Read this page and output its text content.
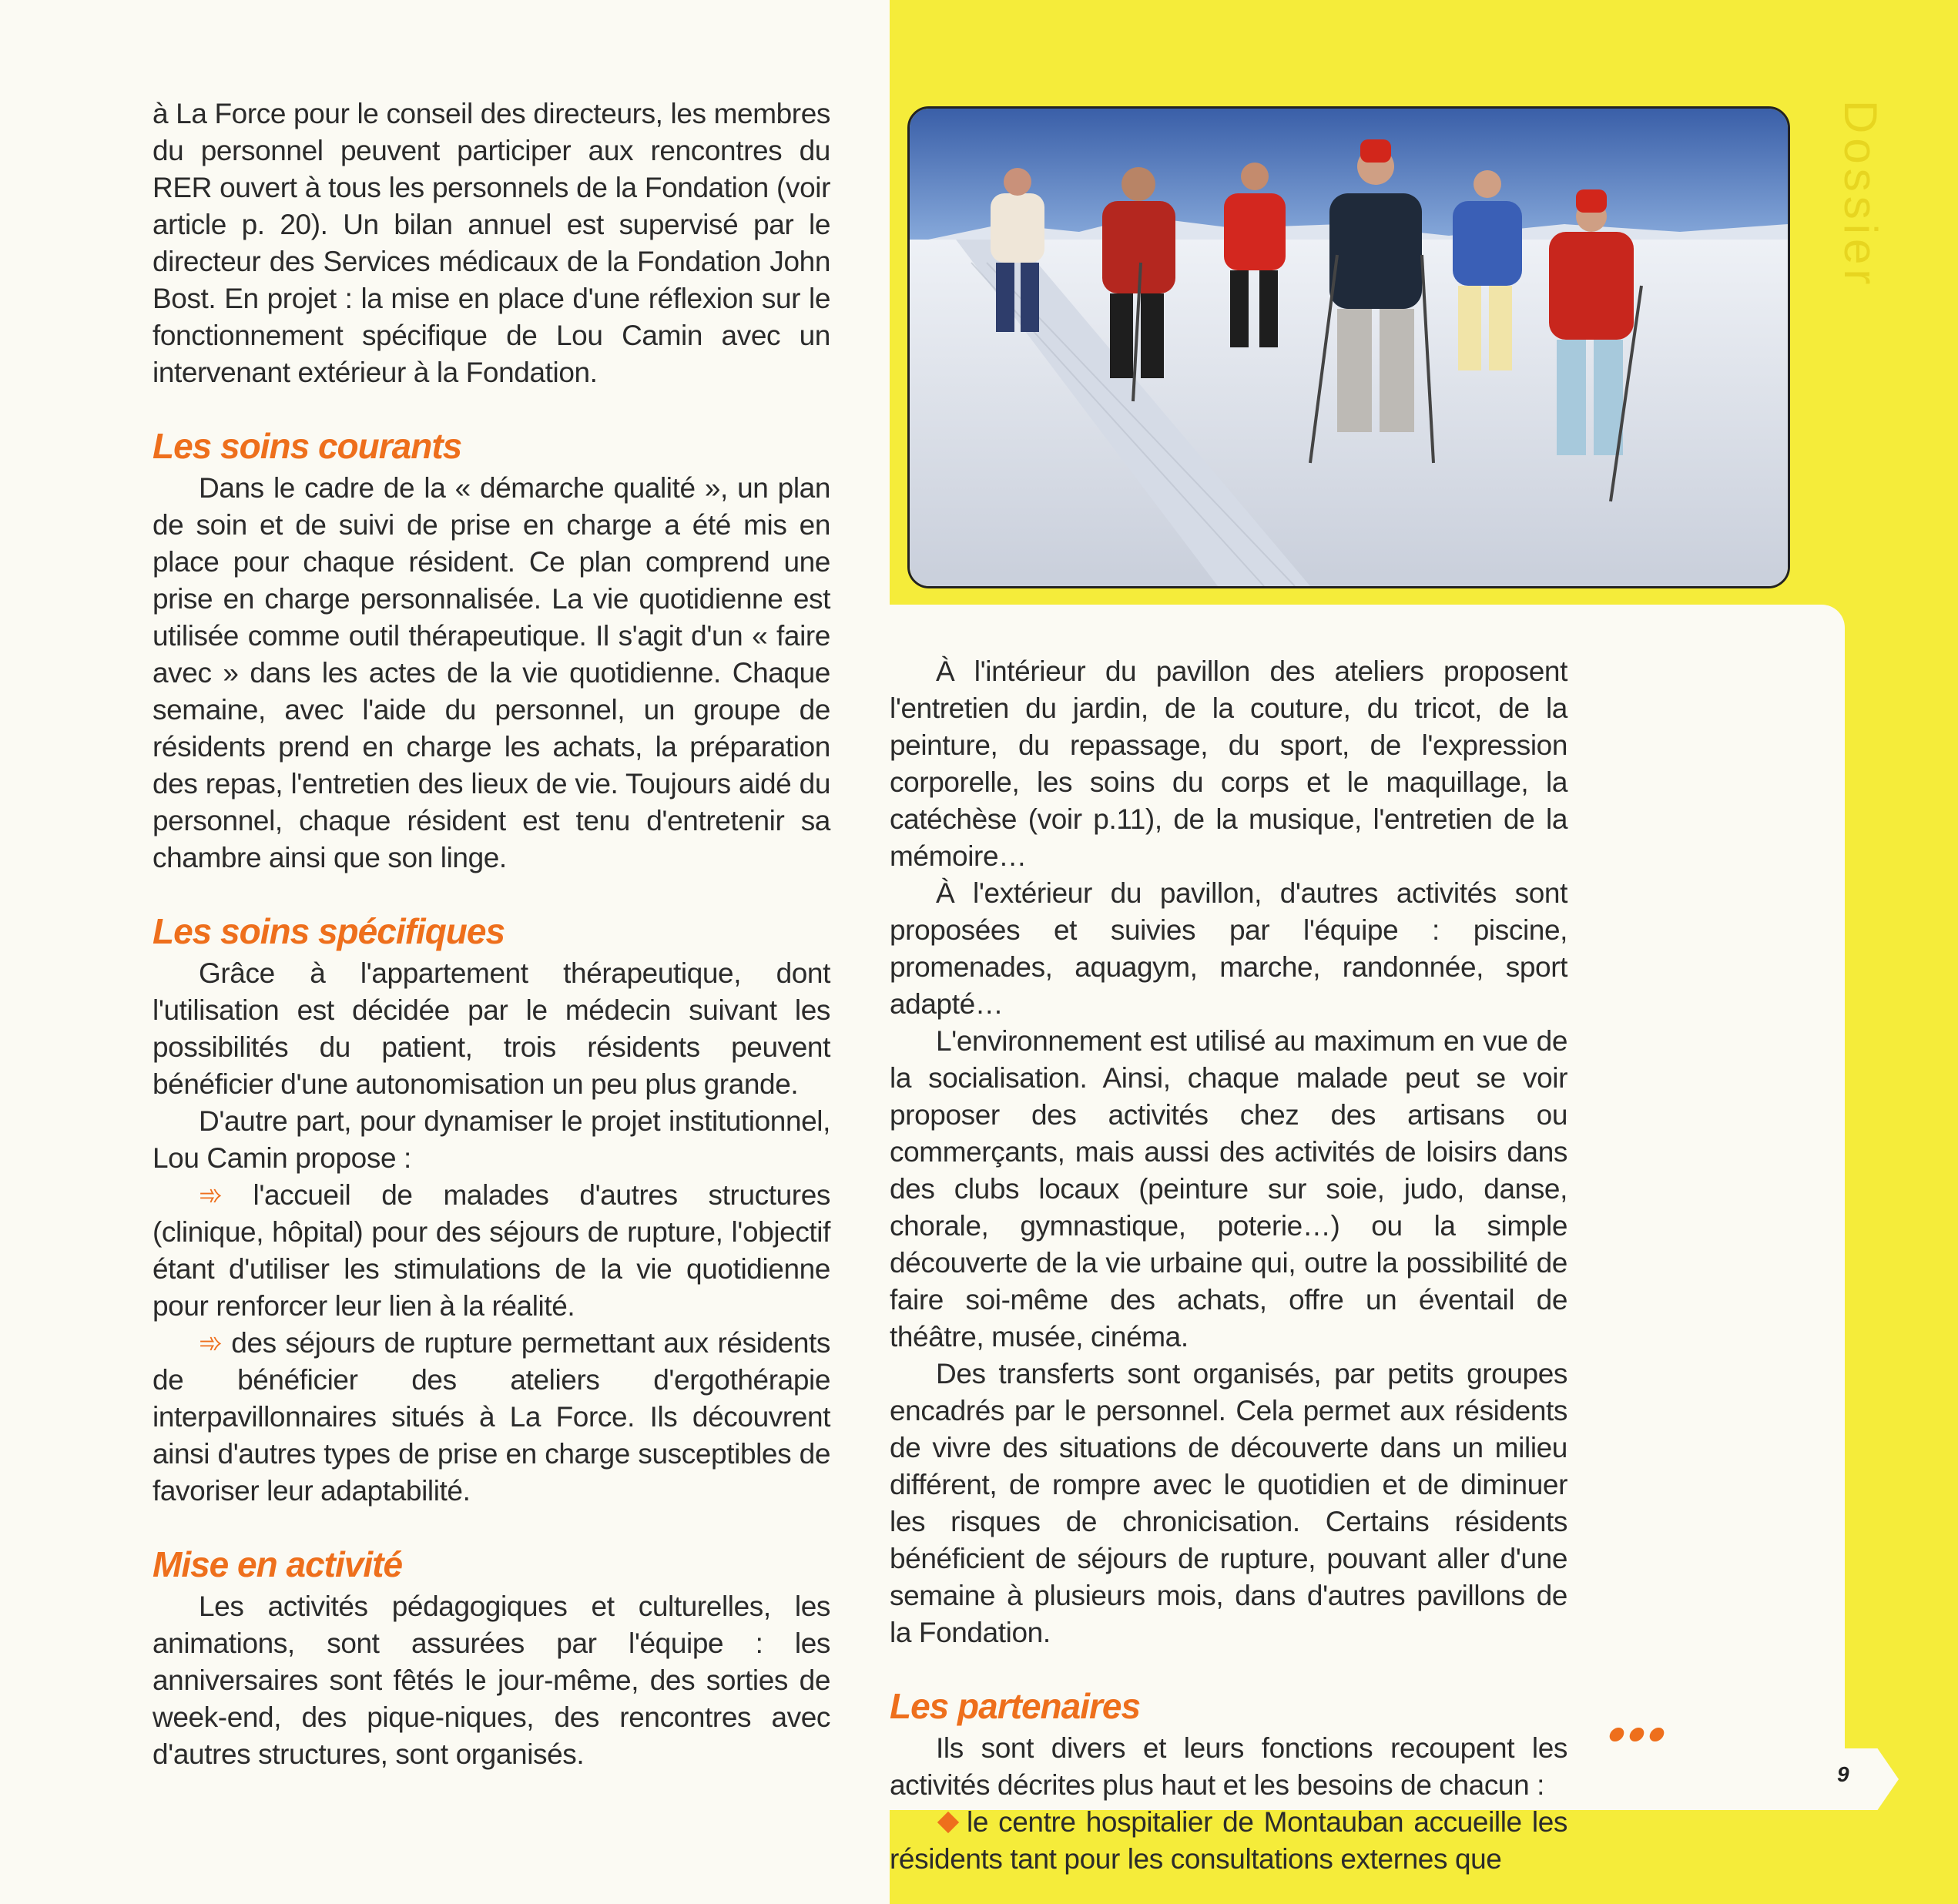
9
Dossier

à La Force pour le conseil des directeurs, les membres du personnel peuvent participer aux rencontres du RER ouvert à tous les personnels de la Fondation (voir article p. 20). Un bilan annuel est supervisé par le directeur des Services médicaux de la Fondation John Bost. En projet : la mise en place d'une réflexion sur le fonctionnement spécifique de Lou Camin avec un intervenant extérieur à la Fondation.

Les soins courants

Dans le cadre de la « démarche qualité », un plan de soin et de suivi de prise en charge a été mis en place pour chaque résident. Ce plan comprend une prise en charge personnalisée. La vie quotidienne est utilisée comme outil thérapeutique. Il s'agit d'un « faire avec » dans les actes de la vie quotidienne. Chaque semaine, avec l'aide du personnel, un groupe de résidents prend en charge les achats, la préparation des repas, l'entretien des lieux de vie. Toujours aidé du personnel, chaque résident est tenu d'entretenir sa chambre ainsi que son linge.

Les soins spécifiques

Grâce à l'appartement thérapeutique, dont l'utilisation est décidée par le médecin suivant les possibilités du patient, trois résidents peuvent bénéficier d'une autonomisation un peu plus grande.

D'autre part, pour dynamiser le projet institutionnel, Lou Camin propose :

➾ l'accueil de malades d'autres structures (clinique, hôpital) pour des séjours de rupture, l'objectif étant d'utiliser les stimulations de la vie quotidienne pour renforcer leur lien à la réalité.

➾ des séjours de rupture permettant aux résidents de bénéficier des ateliers d'ergothérapie interpavillonnaires situés à La Force. Ils découvrent ainsi d'autres types de prise en charge susceptibles de favoriser leur adaptabilité.

Mise en activité

Les activités pédagogiques et culturelles, les animations, sont assurées par l'équipe : les anniversaires sont fêtés le jour-même, des sorties de week-end, des pique-niques, des rencontres avec d'autres structures, sont organisés.

À l'intérieur du pavillon des ateliers proposent l'entretien du jardin, de la couture, du tricot, de la peinture, du repassage, du sport, de l'expression corporelle, les soins du corps et le maquillage, la catéchèse (voir p.11), de la musique, l'entretien de la mémoire…

À l'extérieur du pavillon, d'autres activités sont proposées et suivies par l'équipe : piscine, promenades, aquagym, marche, randonnée, sport adapté…

L'environnement est utilisé au maximum en vue de la socialisation. Ainsi, chaque malade peut se voir proposer des activités chez des artisans ou commerçants, mais aussi des activités de loisirs dans des clubs locaux (peinture sur soie, judo, danse, chorale, gymnastique, poterie…) ou la simple découverte de la vie urbaine qui, outre la possibilité de faire soi-même des achats, offre un éventail de théâtre, musée, cinéma.

Des transferts sont organisés, par petits groupes encadrés par le personnel. Cela permet aux résidents de vivre des situations de découverte dans un milieu différent, de rompre avec le quotidien et de diminuer les risques de chronicisation. Certains résidents bénéficient de séjours de rupture, pouvant aller d'une semaine à plusieurs mois, dans d'autres pavillons de la Fondation.

Les partenaires

Ils sont divers et leurs fonctions recoupent les activités décrites plus haut et les besoins de chacun :

le centre hospitalier de Montauban accueille les résidents tant pour les consultations externes que
